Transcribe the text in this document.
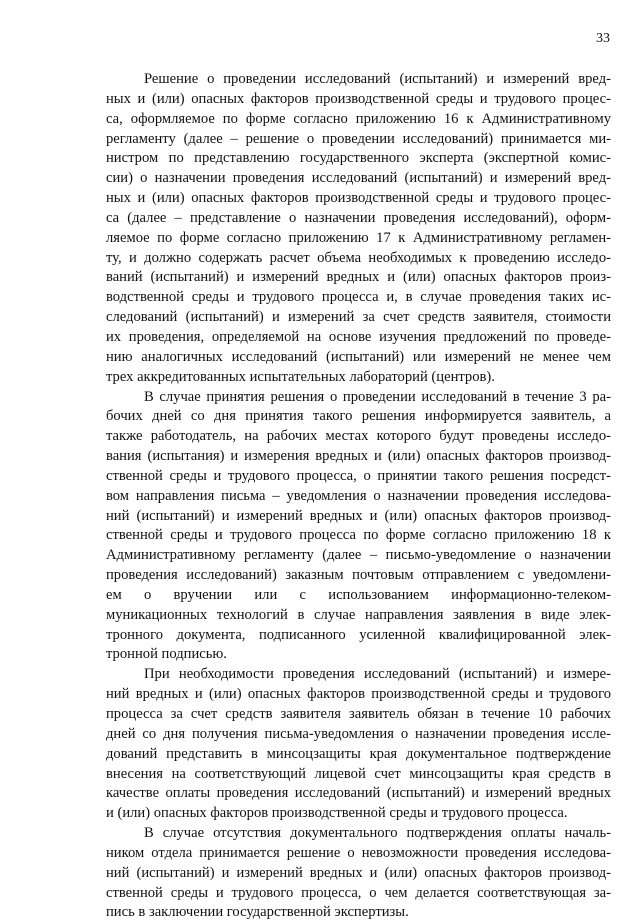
33
Решение о проведении исследований (испытаний) и измерений вред-
ных и (или) опасных факторов производственной среды и трудового процес-
са, оформляемое по форме согласно приложению 16 к Административному
регламенту (далее – решение о проведении исследований) принимается ми-
нистром по представлению государственного эксперта (экспертной комис-
сии) о назначении проведения исследований (испытаний) и измерений вред-
ных и (или) опасных факторов производственной среды и трудового процес-
са (далее – представление о назначении проведения исследований), оформ-
ляемое по форме согласно приложению 17 к Административному регламен-
ту, и должно содержать расчет объема необходимых к проведению исследо-
ваний (испытаний) и измерений вредных и (или) опасных факторов произ-
водственной среды и трудового процесса и, в случае проведения таких ис-
следований (испытаний) и измерений за счет средств заявителя, стоимости
их проведения, определяемой на основе изучения предложений по проведе-
нию аналогичных исследований (испытаний) или измерений не менее чем
трех аккредитованных испытательных лабораторий (центров).
В случае принятия решения о проведении исследований в течение 3 ра-
бочих дней со дня принятия такого решения информируется заявитель, а
также работодатель, на рабочих местах которого будут проведены исследо-
вания (испытания) и измерения вредных и (или) опасных факторов производ-
ственной среды и трудового процесса, о принятии такого решения посредст-
вом направления письма – уведомления о назначении проведения исследова-
ний (испытаний) и измерений вредных и (или) опасных факторов производ-
ственной среды и трудового процесса по форме согласно приложению 18 к
Административному регламенту (далее – письмо-уведомление о назначении
проведения исследований) заказным почтовым отправлением с уведомлени-
ем о вручении или с использованием информационно-телеком-
муникационных технологий в случае направления заявления в виде элек-
тронного документа, подписанного усиленной квалифицированной элек-
тронной подписью.
При необходимости проведения исследований (испытаний) и измере-
ний вредных и (или) опасных факторов производственной среды и трудового
процесса за счет средств заявителя заявитель обязан в течение 10 рабочих
дней со дня получения письма-уведомления о назначении проведения иссле-
дований представить в минсоцзащиты края документальное подтверждение
внесения на соответствующий лицевой счет минсоцзащиты края средств в
качестве оплаты проведения исследований (испытаний) и измерений вредных
и (или) опасных факторов производственной среды и трудового процесса.
В случае отсутствия документального подтверждения оплаты началь-
ником отдела принимается решение о невозможности проведения исследова-
ний (испытаний) и измерений вредных и (или) опасных факторов производ-
ственной среды и трудового процесса, о чем делается соответствующая за-
пись в заключении государственной экспертизы.
